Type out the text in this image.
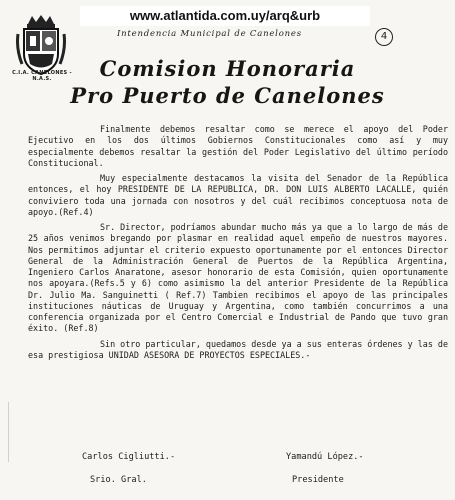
www.atlantida.com.uy/arq&urb
C.I.A. CANELONES - N.A.S.
Intendencia Municipal de Canelones	4
Comision Honoraria
Pro Puerto de Canelones

Finalmente debemos resaltar como se merece el apoyo del Poder Ejecutivo en los dos últimos Gobiernos Constitucionales como así y muy especialmente debemos resaltar la gestión del Poder Legislativo del último período Constitucional.

Muy especialmente destacamos la visita del Senador de la República entonces, el hoy PRESIDENTE DE LA REPUBLICA, DR. DON LUIS ALBERTO LACALLE, quién conviviero toda una jornada con nosotros y del cuál recibimos conceptuosa nota de apoyo.(Ref.4)

Sr. Director, podríamos abundar mucho más ya que a lo largo de más de 25 años venimos bregando por plasmar en realidad aquel empeño de nuestros mayores. Nos permitimos adjuntar el criterio expuesto oportunamente por el entonces Director General de la Administración General de Puertos de la República Argentina, Ingeniero Carlos Anaratone, asesor honorario de esta Comisión, quien oportunamente nos apoyara.(Refs.5 y 6) como asimismo la del anterior Presidente de la República Dr. Julio Ma. Sanguinetti ( Ref.7) Tambien recibimos el apoyo de las principales instituciones náuticas de Uruguay y Argentina, como también concurrimos a una conferencia organizada por el Centro Comercial e Industrial de Pando que tuvo gran éxito. (Ref.8)

Sin otro particular, quedamos desde ya a sus enteras órdenes y las de esa prestigiosa UNIDAD ASESORA DE PROYECTOS ESPECIALES.-

Carlos Cigliutti.-
Srio. Gral.
Yamandú López.-
Presidente
